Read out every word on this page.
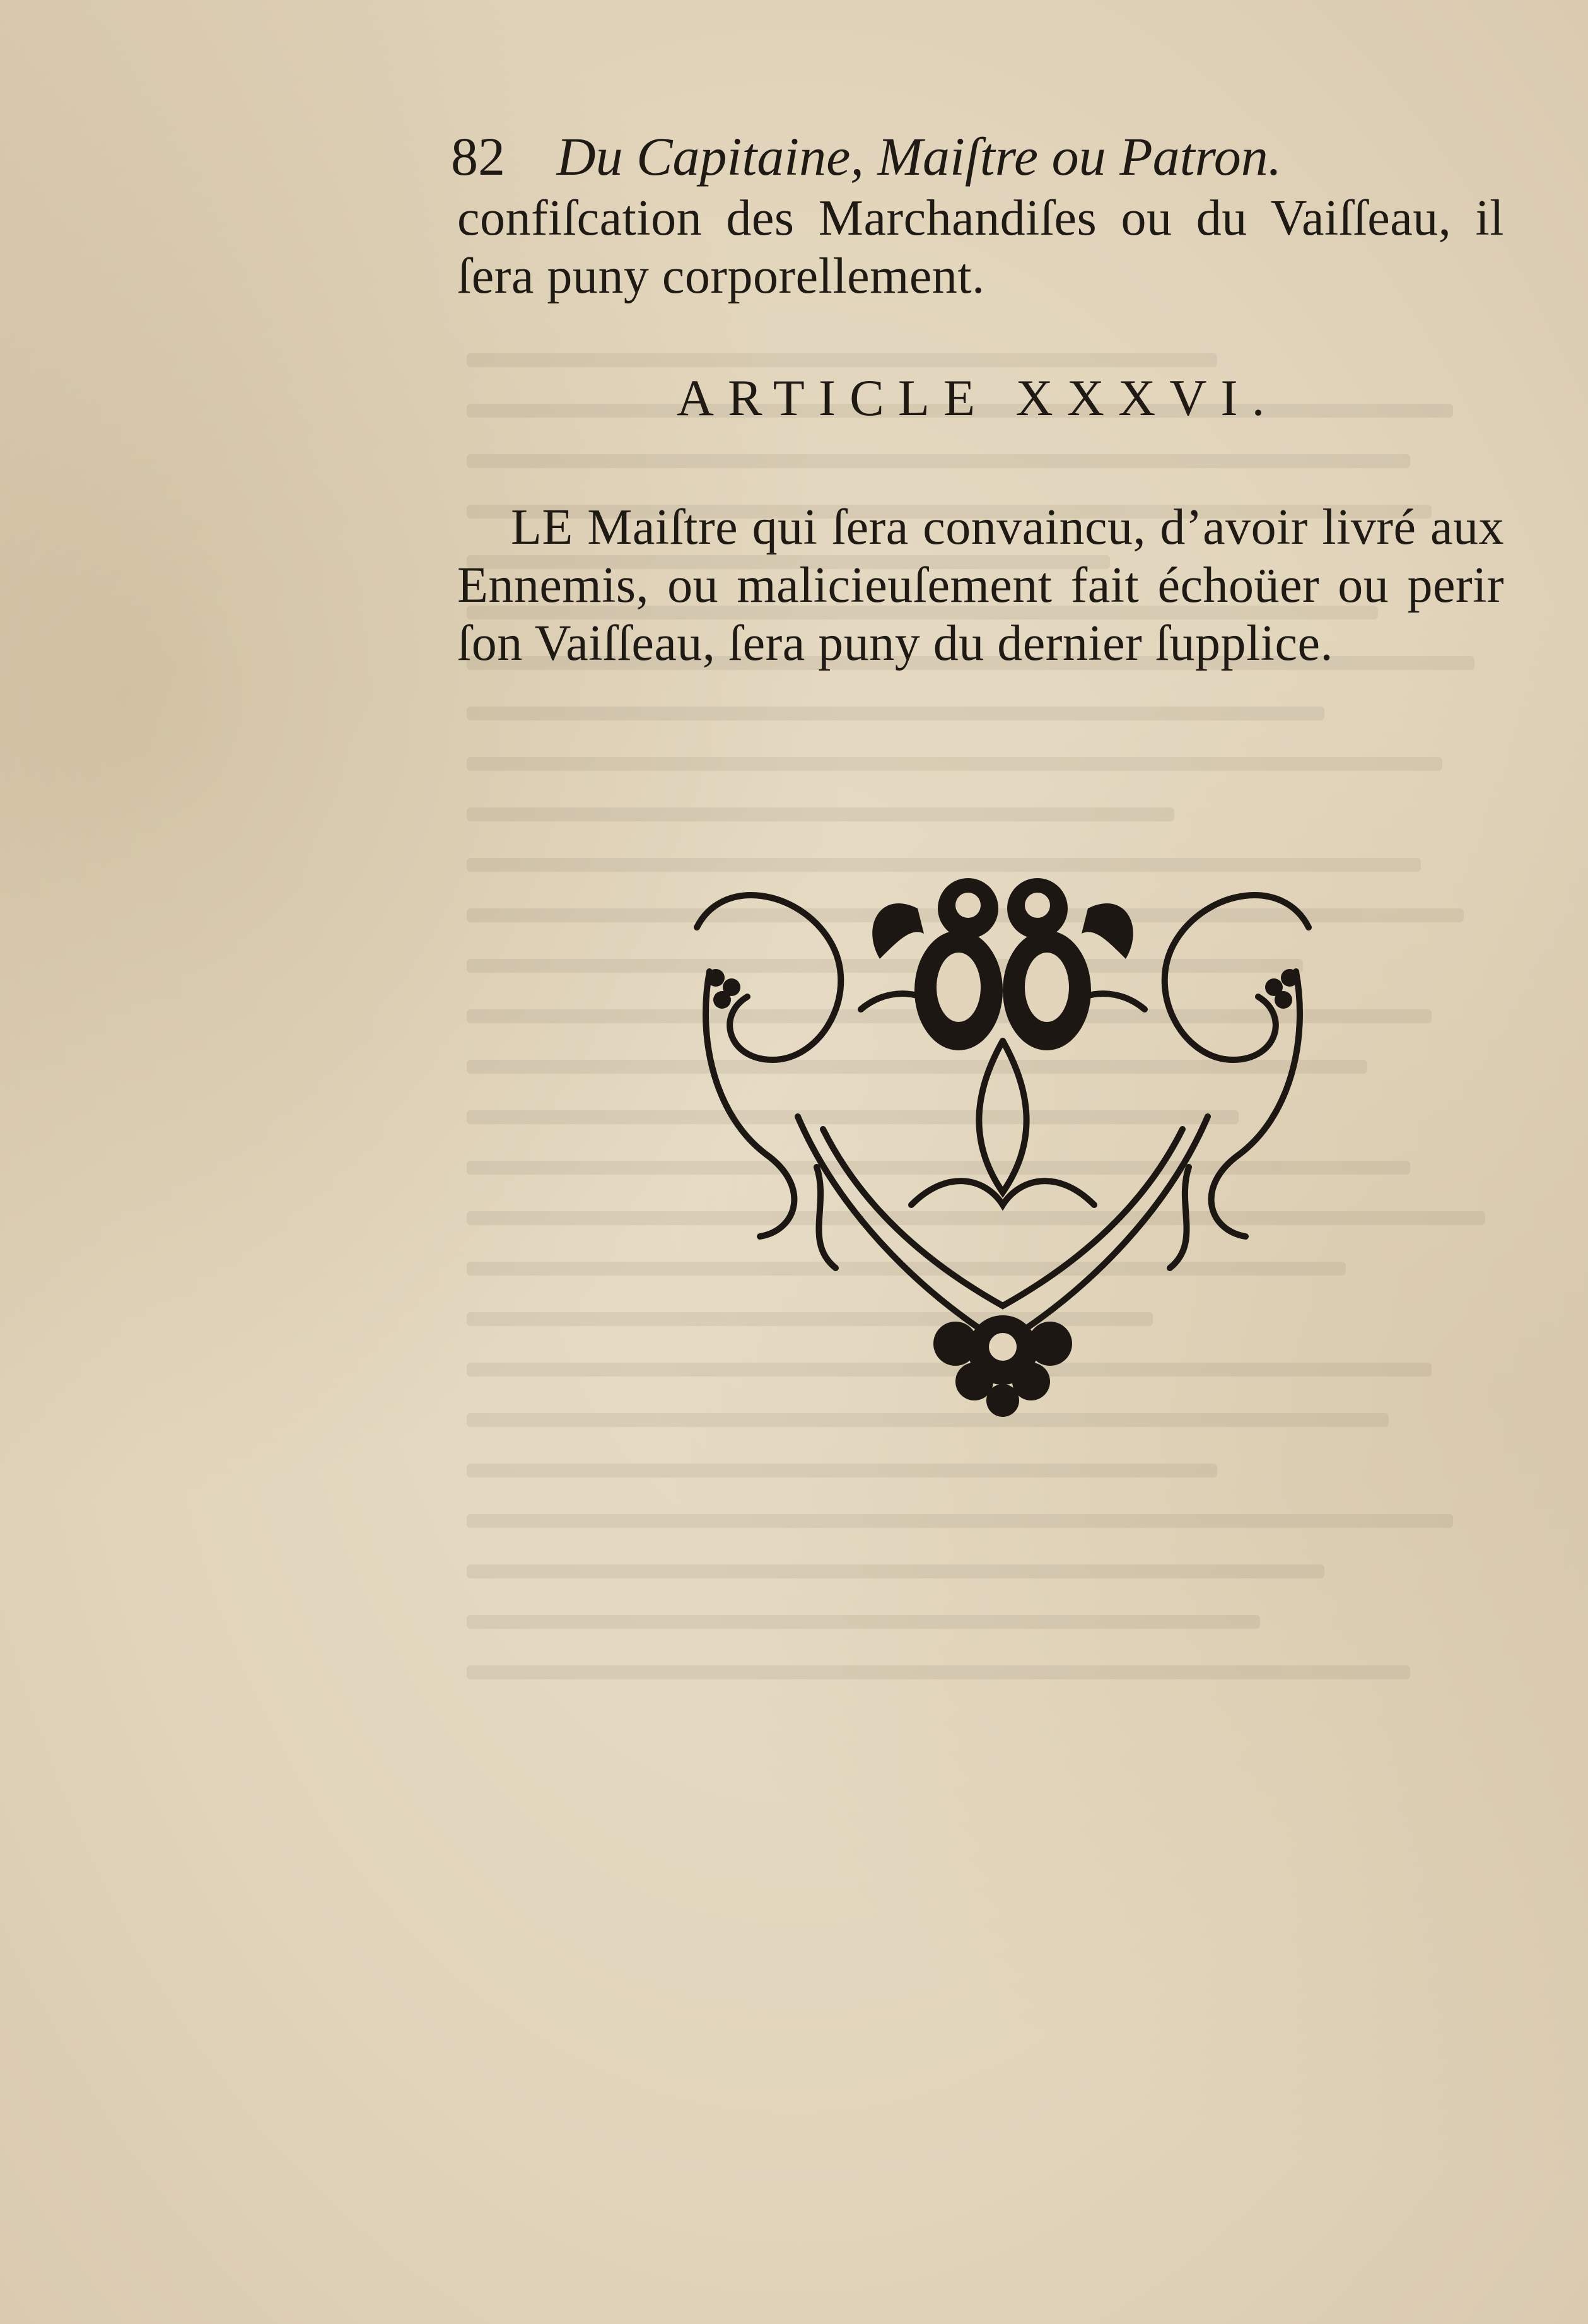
82 Du Capitaine, Maiſtre ou Patron.
confiſcation des Marchandiſes ou du Vaiſſeau, il
ſera puny corporellement.
ARTICLE XXXVI.
LE Maiſtre qui ſera convaincu, d’avoir livré aux
Ennemis, ou malicieuſement fait échoüer ou perir
ſon Vaiſſeau, ſera puny du dernier ſupplice.
